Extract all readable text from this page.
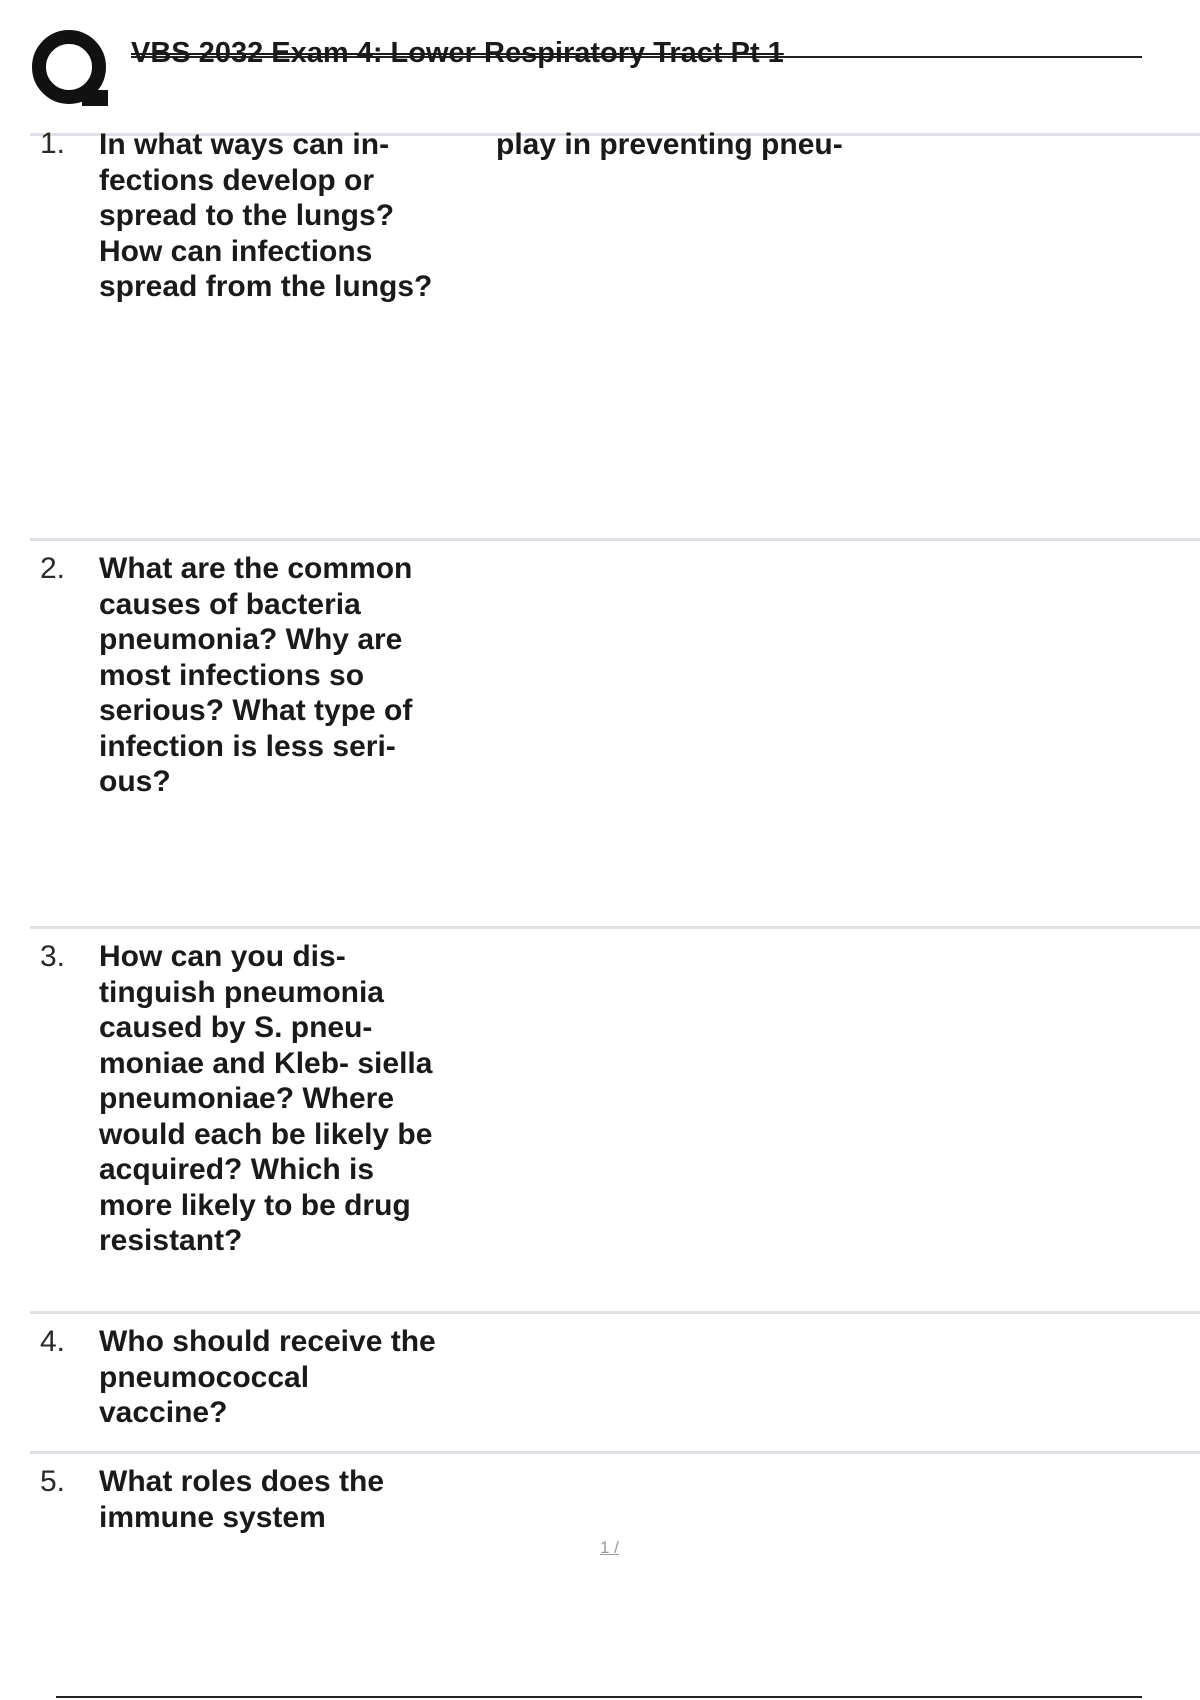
VBS 2032 Exam 4: Lower Respiratory Tract Pt 1
1. In what ways can in- fections develop or spread to the lungs? How can infections spread from the lungs?
play in preventing pneu-
2. What are the common causes of bacteria pneumonia? Why are most infections so serious? What type of infection is less seri- ous?
3. How can you dis- tinguish pneumonia caused by S. pneu- moniae and Kleb- siella pneumoniae? Where would each be likely be acquired? Which is more likely to be drug resistant?
4. Who should receive the pneumococcal vaccine?
5. What roles does the immune system
1 /
